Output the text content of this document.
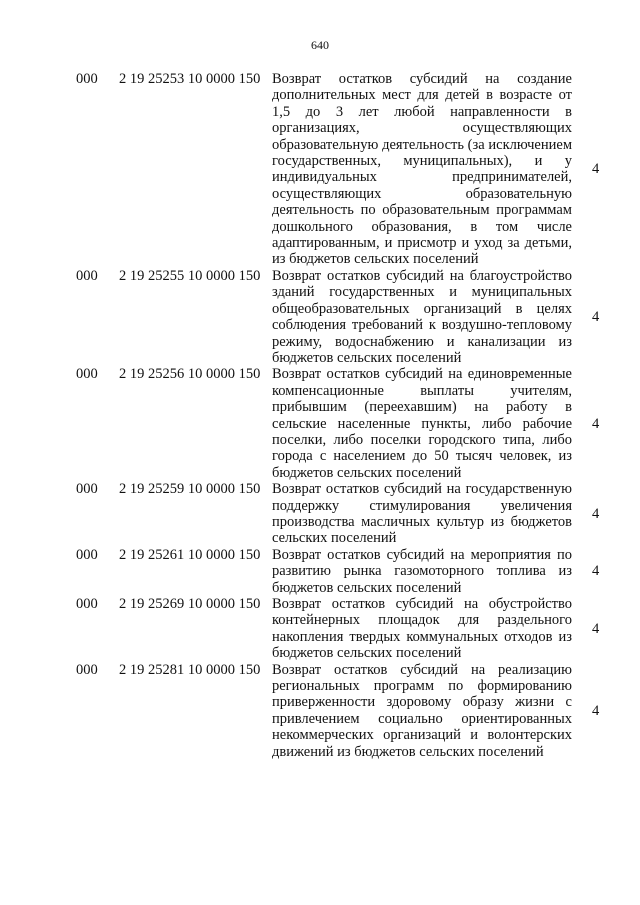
640
000	2 19 25253 10 0000 150 Возврат остатков субсидий на создание дополнительных мест для детей в возрасте от 1,5 до 3 лет любой направленности в организациях, осуществляющих образовательную деятельность (за исключением государственных, муниципальных), и у индивидуальных предпринимателей, осуществляющих образовательную деятельность по образовательным программам дошкольного образования, в том числе адаптированным, и присмотр и уход за детьми, из бюджетов сельских поселений
4
000	2 19 25255 10 0000 150 Возврат остатков субсидий на благоустройство зданий государственных и муниципальных общеобразовательных организаций в целях соблюдения требований к воздушно-тепловому режиму, водоснабжению и канализации из бюджетов сельских поселений
4
000	2 19 25256 10 0000 150 Возврат остатков субсидий на единовременные компенсационные выплаты учителям, прибывшим (переехавшим) на работу в сельские населенные пункты, либо рабочие поселки, либо поселки городского типа, либо города с населением до 50 тысяч человек, из бюджетов сельских поселений
4
000	2 19 25259 10 0000 150 Возврат остатков субсидий на государственную поддержку стимулирования увеличения производства масличных культур из бюджетов сельских поселений
4
000	2 19 25261 10 0000 150 Возврат остатков субсидий на мероприятия по развитию рынка газомоторного топлива из бюджетов сельских поселений
4
000	2 19 25269 10 0000 150 Возврат остатков субсидий на обустройство контейнерных площадок для раздельного накопления твердых коммунальных отходов из бюджетов сельских поселений
4
000	2 19 25281 10 0000 150 Возврат остатков субсидий на реализацию региональных программ по формированию приверженности здоровому образу жизни с привлечением социально ориентированных некоммерческих организаций и волонтерских движений из бюджетов сельских поселений
4
